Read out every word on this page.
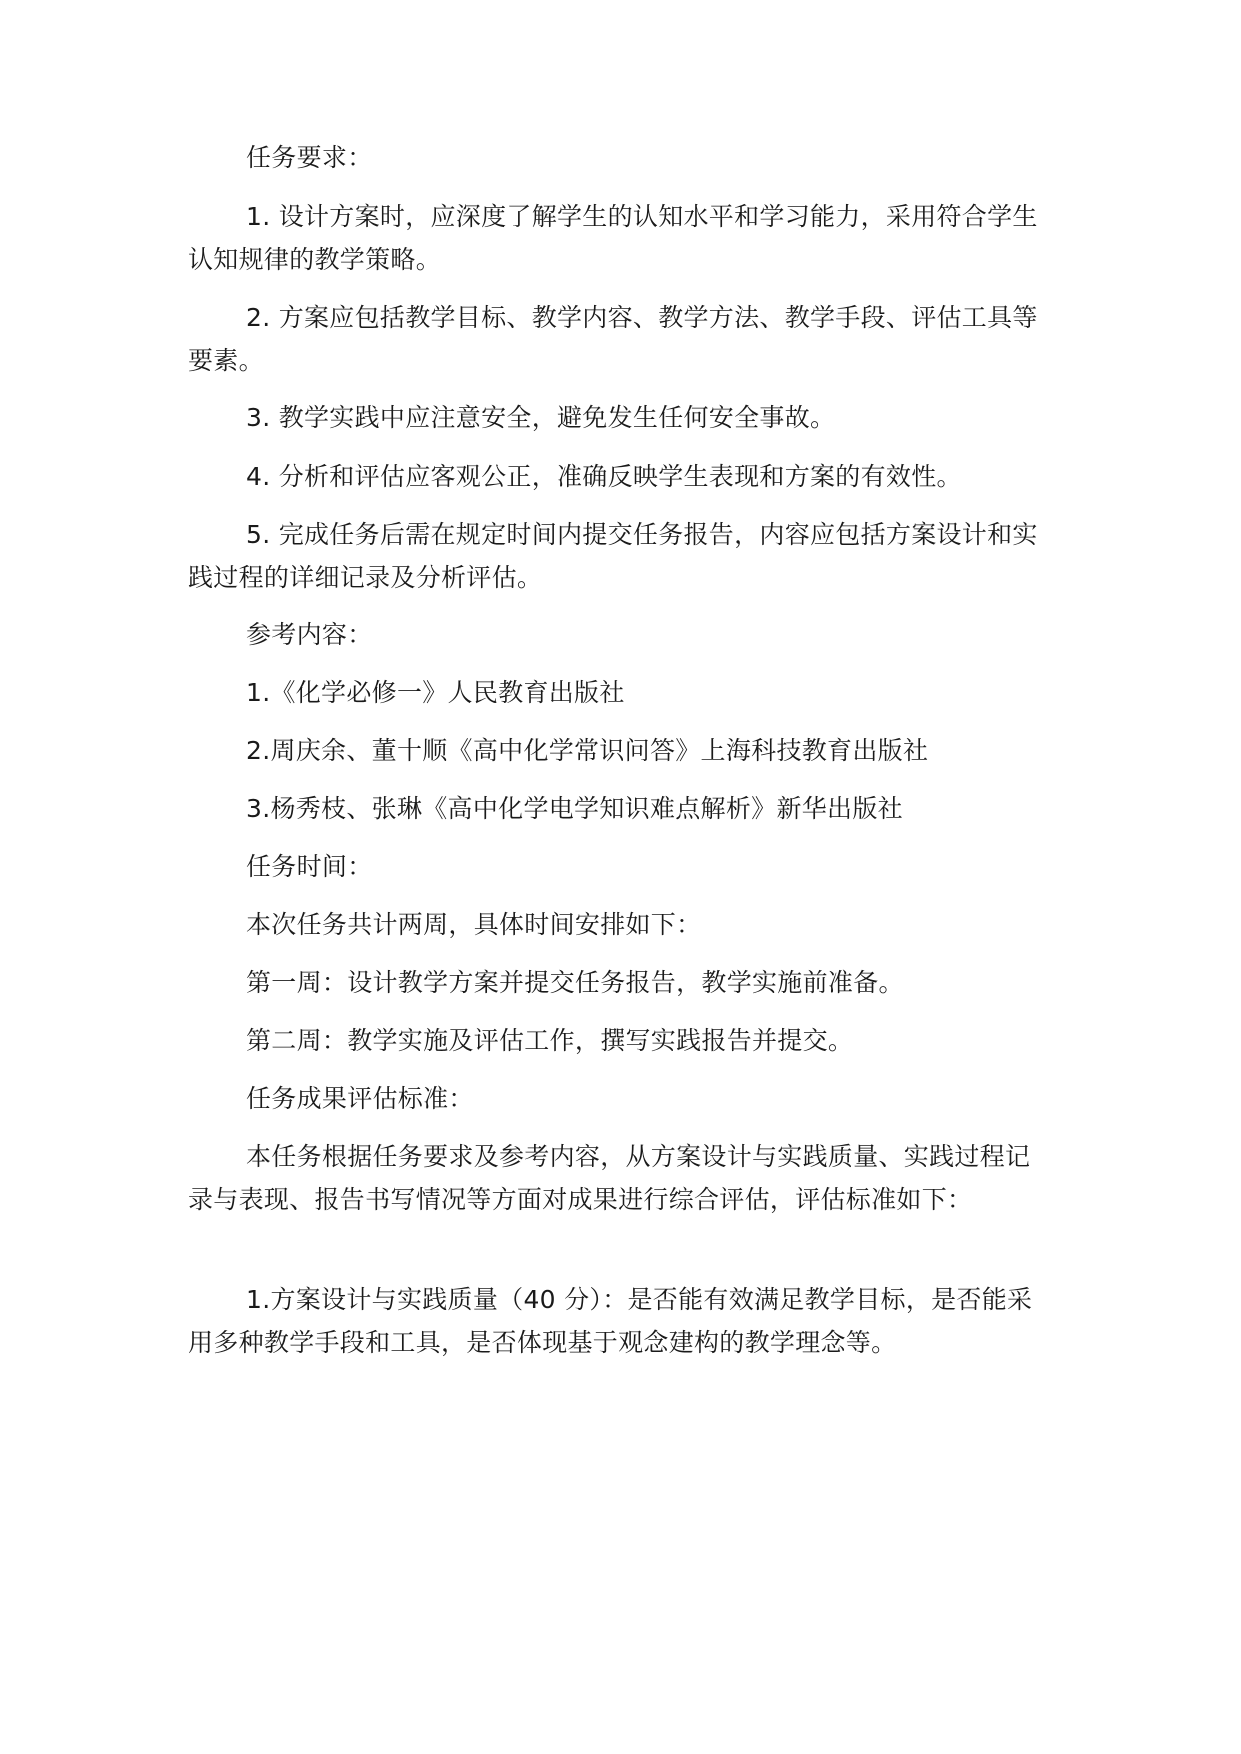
任务要求：

1. 设计方案时，应深度了解学生的认知水平和学习能力，采用符合学生认知规律的教学策略。

2. 方案应包括教学目标、教学内容、教学方法、教学手段、评估工具等要素。

3. 教学实践中应注意安全，避免发生任何安全事故。

4. 分析和评估应客观公正，准确反映学生表现和方案的有效性。

5. 完成任务后需在规定时间内提交任务报告，内容应包括方案设计和实践过程的详细记录及分析评估。

参考内容：

1.《化学必修一》人民教育出版社

2.周庆余、董十顺《高中化学常识问答》上海科技教育出版社

3.杨秀枝、张琳《高中化学电学知识难点解析》新华出版社

任务时间：

本次任务共计两周，具体时间安排如下：

第一周：设计教学方案并提交任务报告，教学实施前准备。

第二周：教学实施及评估工作，撰写实践报告并提交。

任务成果评估标准：

本任务根据任务要求及参考内容，从方案设计与实践质量、实践过程记录与表现、报告书写情况等方面对成果进行综合评估，评估标准如下：

1.方案设计与实践质量（40 分）：是否能有效满足教学目标，是否能采用多种教学手段和工具，是否体现基于观念建构的教学理念等。
